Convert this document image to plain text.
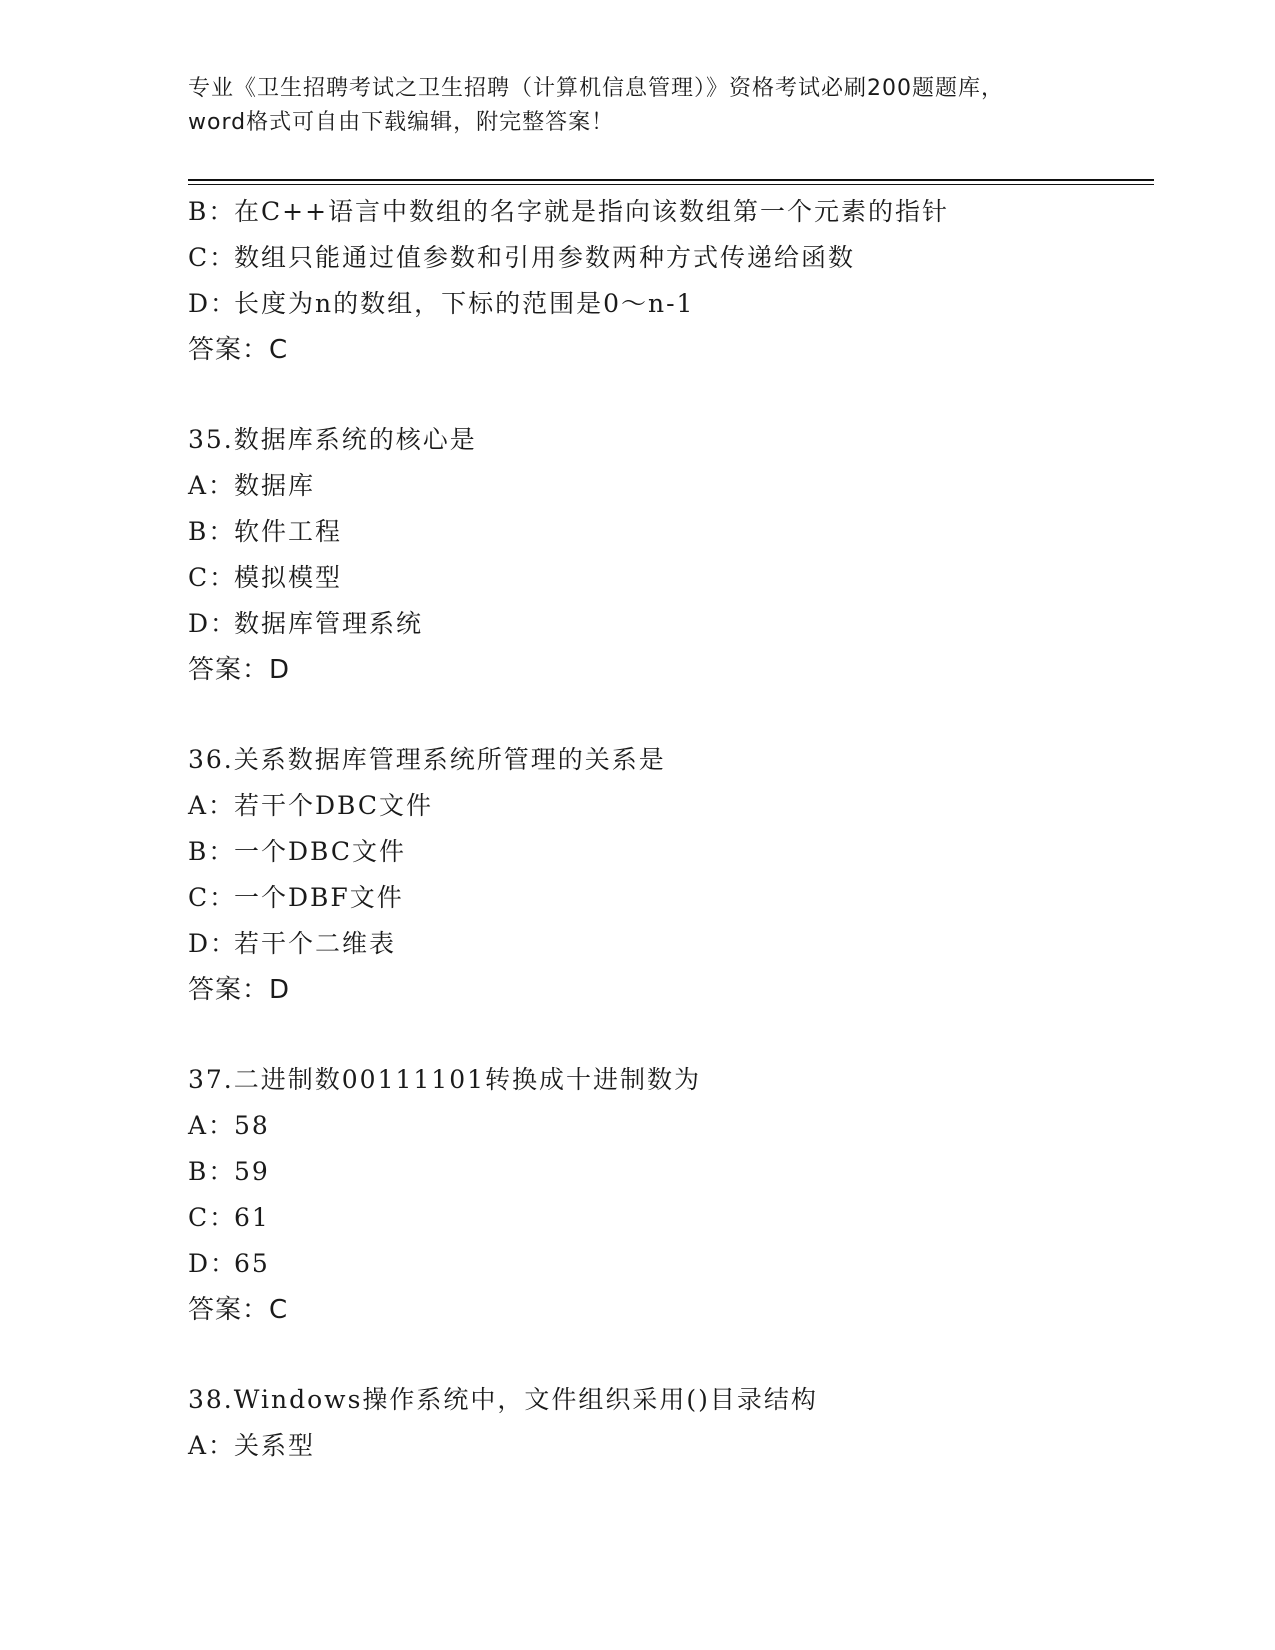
专业《卫生招聘考试之卫生招聘（计算机信息管理）》资格考试必刷200题题库，
word格式可自由下载编辑，附完整答案！
B：在C++语言中数组的名字就是指向该数组第一个元素的指针
C：数组只能通过值参数和引用参数两种方式传递给函数
D：长度为n的数组，下标的范围是0～n-1
答案：C
35.数据库系统的核心是
A：数据库
B：软件工程
C：模拟模型
D：数据库管理系统
答案：D
36.关系数据库管理系统所管理的关系是
A：若干个DBC文件
B：一个DBC文件
C：一个DBF文件
D：若干个二维表
答案：D
37.二进制数00111101转换成十进制数为
A：58
B：59
C：61
D：65
答案：C
38.Windows操作系统中，文件组织采用()目录结构
A：关系型
